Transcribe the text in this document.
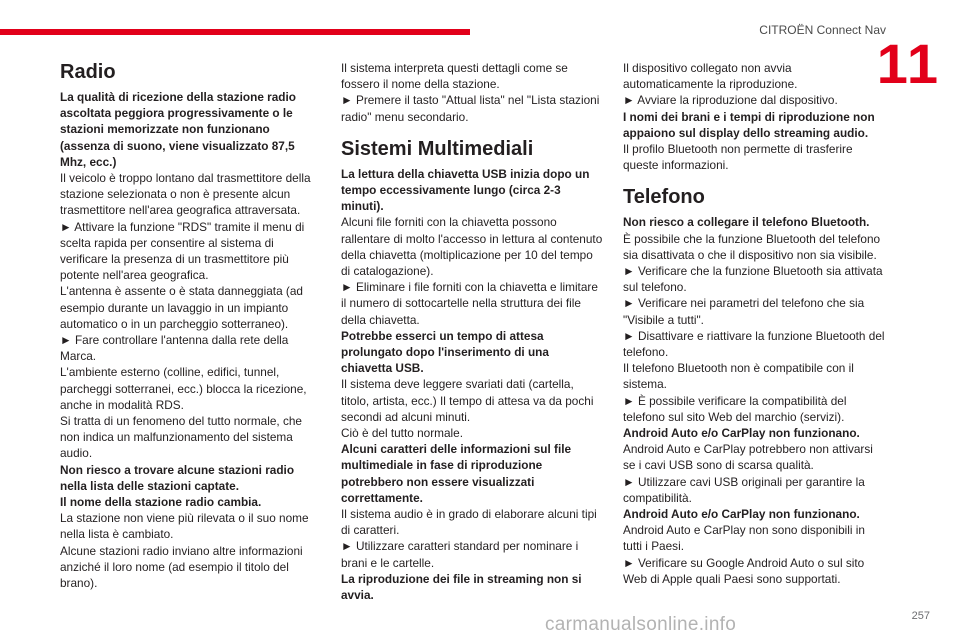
CITROËN Connect Nav
11
Radio

La qualità di ricezione della stazione radio ascoltata peggiora progressivamente o le stazioni memorizzate non funzionano (assenza di suono, viene visualizzato 87,5 Mhz, ecc.)

Il veicolo è troppo lontano dal trasmettitore della stazione selezionata o non è presente alcun trasmettitore nell'area geografica attraversata.

► Attivare la funzione "RDS" tramite il menu di scelta rapida per consentire al sistema di verificare la presenza di un trasmettitore più potente nell'area geografica.

L'antenna è assente o è stata danneggiata (ad esempio durante un lavaggio in un impianto automatico o in un parcheggio sotterraneo).

► Fare controllare l'antenna dalla rete della Marca.

L'ambiente esterno (colline, edifici, tunnel, parcheggi sotterranei, ecc.) blocca la ricezione, anche in modalità RDS.

Si tratta di un fenomeno del tutto normale, che non indica un malfunzionamento del sistema audio.

Non riesco a trovare alcune stazioni radio nella lista delle stazioni captate.

Il nome della stazione radio cambia.

La stazione non viene più rilevata o il suo nome nella lista è cambiato.

Alcune stazioni radio inviano altre informazioni anziché il loro nome (ad esempio il titolo del brano).

Il sistema interpreta questi dettagli come se fossero il nome della stazione.

► Premere il tasto "Attual lista" nel "Lista stazioni radio" menu secondario.

Sistemi Multimediali

La lettura della chiavetta USB inizia dopo un tempo eccessivamente lungo (circa 2-3 minuti).

Alcuni file forniti con la chiavetta possono rallentare di molto l'accesso in lettura al contenuto della chiavetta (moltiplicazione per 10 del tempo di catalogazione).

► Eliminare i file forniti con la chiavetta e limitare il numero di sottocartelle nella struttura dei file della chiavetta.

Potrebbe esserci un tempo di attesa prolungato dopo l'inserimento di una chiavetta USB.

Il sistema deve leggere svariati dati (cartella, titolo, artista, ecc.) Il tempo di attesa va da pochi secondi ad alcuni minuti.

Ciò è del tutto normale.

Alcuni caratteri delle informazioni sul file multimediale in fase di riproduzione potrebbero non essere visualizzati correttamente.

Il sistema audio è in grado di elaborare alcuni tipi di caratteri.

► Utilizzare caratteri standard per nominare i brani e le cartelle.

La riproduzione dei file in streaming non si avvia.

Il dispositivo collegato non avvia automaticamente la riproduzione.

► Avviare la riproduzione dal dispositivo.

I nomi dei brani e i tempi di riproduzione non appaiono sul display dello streaming audio.

Il profilo Bluetooth non permette di trasferire queste informazioni.

Telefono

Non riesco a collegare il telefono Bluetooth.

È possibile che la funzione Bluetooth del telefono sia disattivata o che il dispositivo non sia visibile.

► Verificare che la funzione Bluetooth sia attivata sul telefono.

► Verificare nei parametri del telefono che sia "Visibile a tutti".

► Disattivare e riattivare la funzione Bluetooth del telefono.

Il telefono Bluetooth non è compatibile con il sistema.

► È possibile verificare la compatibilità del telefono sul sito Web del marchio (servizi).

Android Auto e/o CarPlay non funzionano.

Android Auto e CarPlay potrebbero non attivarsi se i cavi USB sono di scarsa qualità.

► Utilizzare cavi USB originali per garantire la compatibilità.

Android Auto e/o CarPlay non funzionano.

Android Auto e CarPlay non sono disponibili in tutti i Paesi.

► Verificare su Google Android Auto o sul sito Web di Apple quali Paesi sono supportati.

257
carmanualsonline.info
